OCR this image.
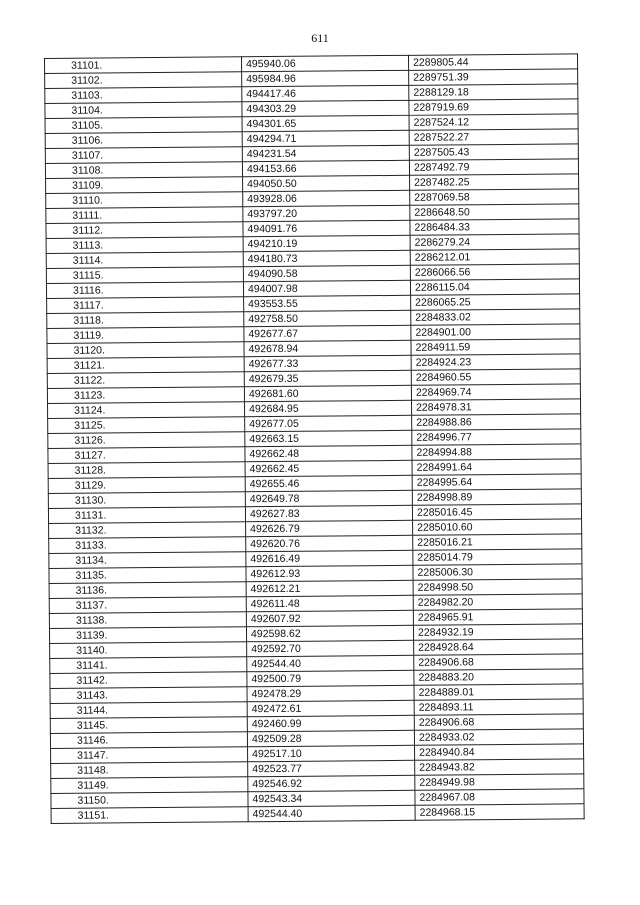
611
31101.	495940.06	2289805.44
31102.	495984.96	2289751.39
31103.	494417.46	2288129.18
31104.	494303.29	2287919.69
31105.	494301.65	2287524.12
31106.	494294.71	2287522.27
31107.	494231.54	2287505.43
31108.	494153.66	2287492.79
31109.	494050.50	2287482.25
31110.	493928.06	2287069.58
31111.	493797.20	2286648.50
31112.	494091.76	2286484.33
31113.	494210.19	2286279.24
31114.	494180.73	2286212.01
31115.	494090.58	2286066.56
31116.	494007.98	2286115.04
31117.	493553.55	2286065.25
31118.	492758.50	2284833.02
31119.	492677.67	2284901.00
31120.	492678.94	2284911.59
31121.	492677.33	2284924.23
31122.	492679.35	2284960.55
31123.	492681.60	2284969.74
31124.	492684.95	2284978.31
31125.	492677.05	2284988.86
31126.	492663.15	2284996.77
31127.	492662.48	2284994.88
31128.	492662.45	2284991.64
31129.	492655.46	2284995.64
31130.	492649.78	2284998.89
31131.	492627.83	2285016.45
31132.	492626.79	2285010.60
31133.	492620.76	2285016.21
31134.	492616.49	2285014.79
31135.	492612.93	2285006.30
31136.	492612.21	2284998.50
31137.	492611.48	2284982.20
31138.	492607.92	2284965.91
31139.	492598.62	2284932.19
31140.	492592.70	2284928.64
31141.	492544.40	2284906.68
31142.	492500.79	2284883.20
31143.	492478.29	2284889.01
31144.	492472.61	2284893.11
31145.	492460.99	2284906.68
31146.	492509.28	2284933.02
31147.	492517.10	2284940.84
31148.	492523.77	2284943.82
31149.	492546.92	2284949.98
31150.	492543.34	2284967.08
31151.	492544.40	2284968.15
